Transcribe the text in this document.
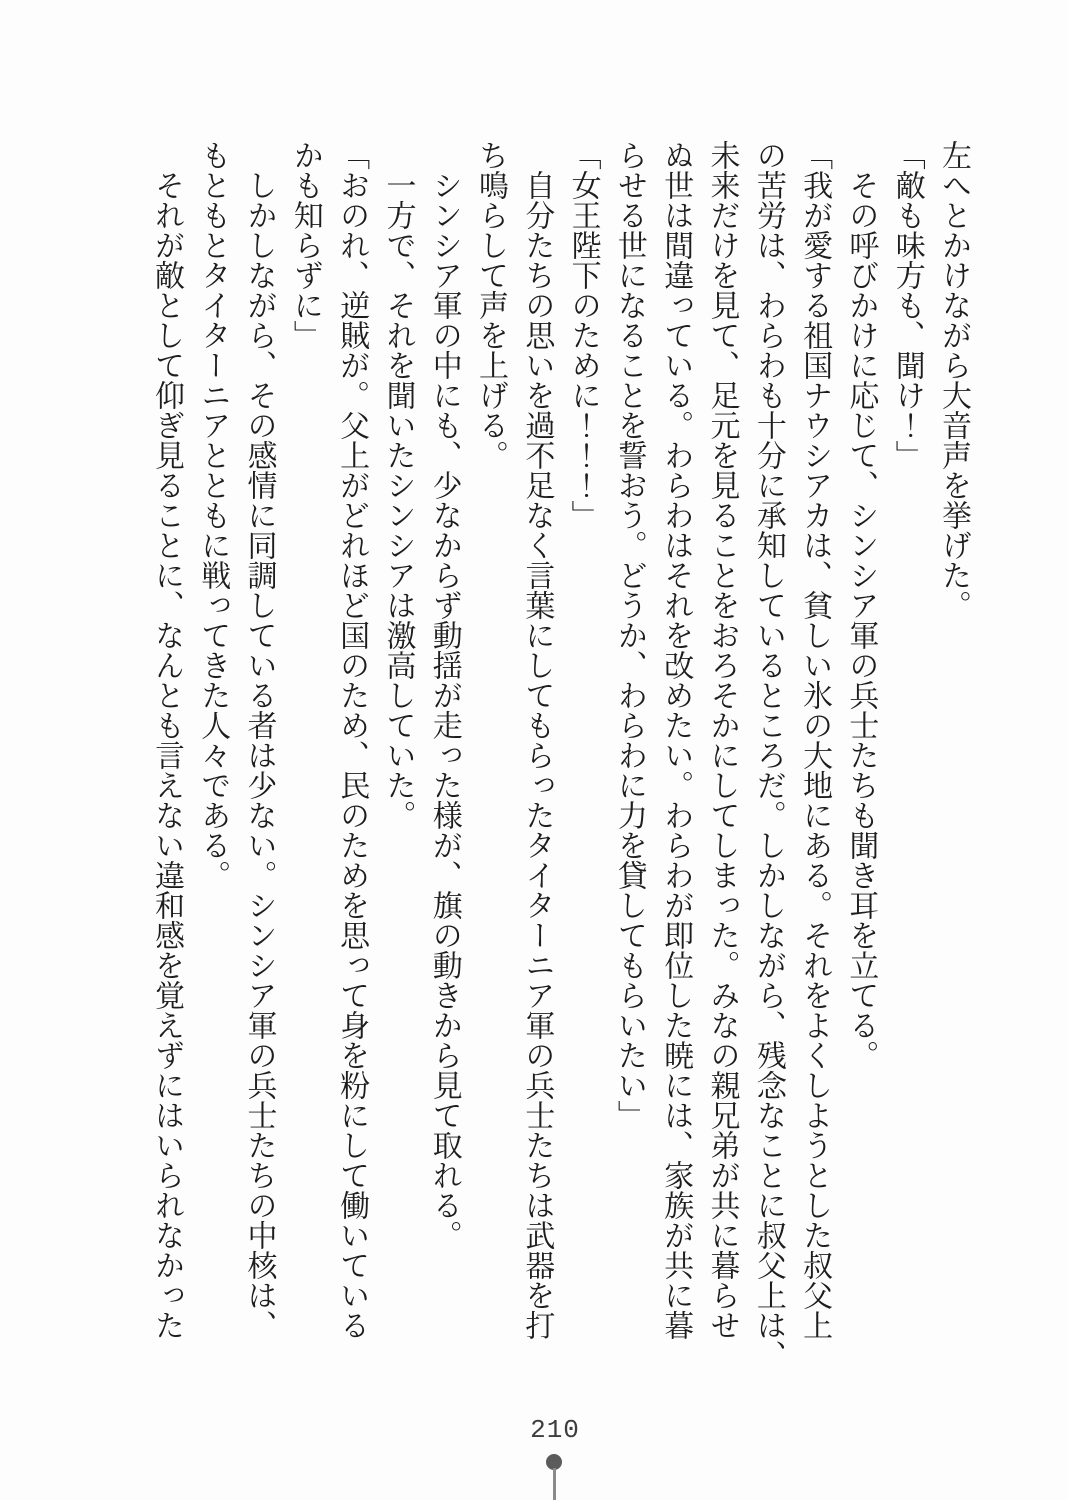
左へとかけながら大音声を挙げた。
「敵も味方も、聞け！」
　その呼びかけに応じて、シンシア軍の兵士たちも聞き耳を立てる。
「我が愛する祖国ナウシアカは、貧しい氷の大地にある。それをよくしようとした叔父上
の苦労は、わらわも十分に承知しているところだ。しかしながら、残念なことに叔父上は、
未来だけを見て、足元を見ることをおろそかにしてしまった。みなの親兄弟が共に暮らせ
ぬ世は間違っている。わらわはそれを改めたい。わらわが即位した暁には、家族が共に暮
らせる世になることを誓おう。どうか、わらわに力を貸してもらいたい」
「女王陛下のために！！！」
　自分たちの思いを過不足なく言葉にしてもらったタイターニア軍の兵士たちは武器を打
ち鳴らして声を上げる。
　シンシア軍の中にも、少なからず動揺が走った様が、旗の動きから見て取れる。
　一方で、それを聞いたシンシアは激高していた。
「おのれ、逆賊が。父上がどれほど国のため、民のためを思って身を粉にして働いている
かも知らずに」
　しかしながら、その感情に同調している者は少ない。シンシア軍の兵士たちの中核は、
もともとタイターニアとともに戦ってきた人々である。
　それが敵として仰ぎ見ることに、なんとも言えない違和感を覚えずにはいられなかった
210
